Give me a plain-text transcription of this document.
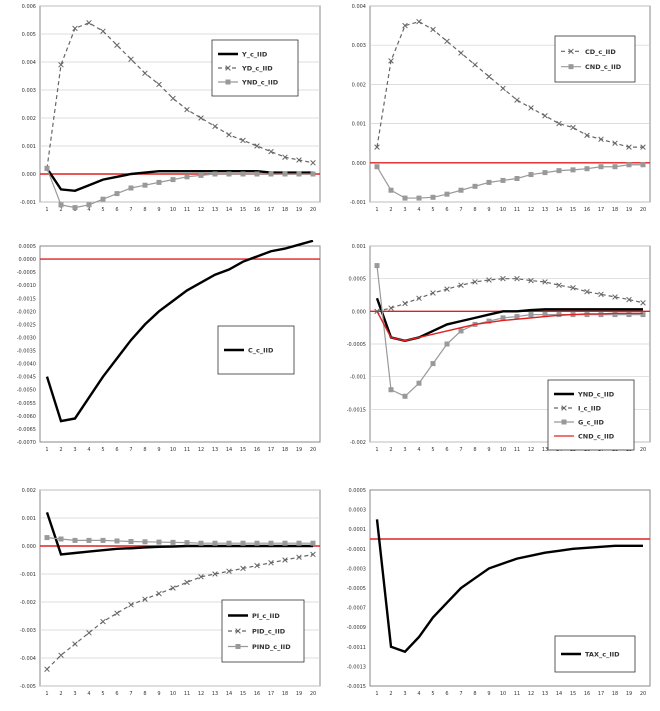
0.006
0.005
0.004
0.003
0.002
0.001
0.000
-0.001
1 2	4 5 6 7 8 9 10 11 12 13 14 15 16 17 18 19 20
Y_c_IID
YD_c_IID
YND_c_IID
0.004
0.003
0.002
0.001
0.000
-0.001
1 2 3 4 5 6 7 8 9 10 11 12 13 14 15 16 17 18 19 20
CD_c_IID
CND_c_IID
0.0005
0.0000
-0.0005
-0.0010
-0.0015
-0.0020
-0.0025
-0.0030
-0.0035
-0.0040
-0.0045
-0.0050
-0.0055
-0.0060
-0.0065
-0.0070
1 2 3 4 5 6 7 8 9 10 11 12 13 14 15 16 17 18 19 20
C_c_IID
0.001
0.0005
0.000
-0.0005
-0.001
-0.0015
-0.002
1 2 3 4 5 6 7 8 9 10 11 12 13	20
YND_c_IID
I_c_IID
G_c_IID
CND_c_IID
0.002
0.001
0.000
-0.001
-0.002
-0.003
-0.004
-0.005
1 2 3 4 5 6 7 8 9 10 11 12 13 14 15 16 17 18 19 20
PI_c_IID
PID_c_IID
PIND_c_IID
0.0005
0.0003
0.0001
-0.0001
-0.0003
-0.0005
-0.0007
-0.0009
-0.0011
-0.0013
-0.0015
1 2 3 4 5 6 7 8 9 10 11 12 13 14 15 16 17 18 19 20
TAX_c_IID
